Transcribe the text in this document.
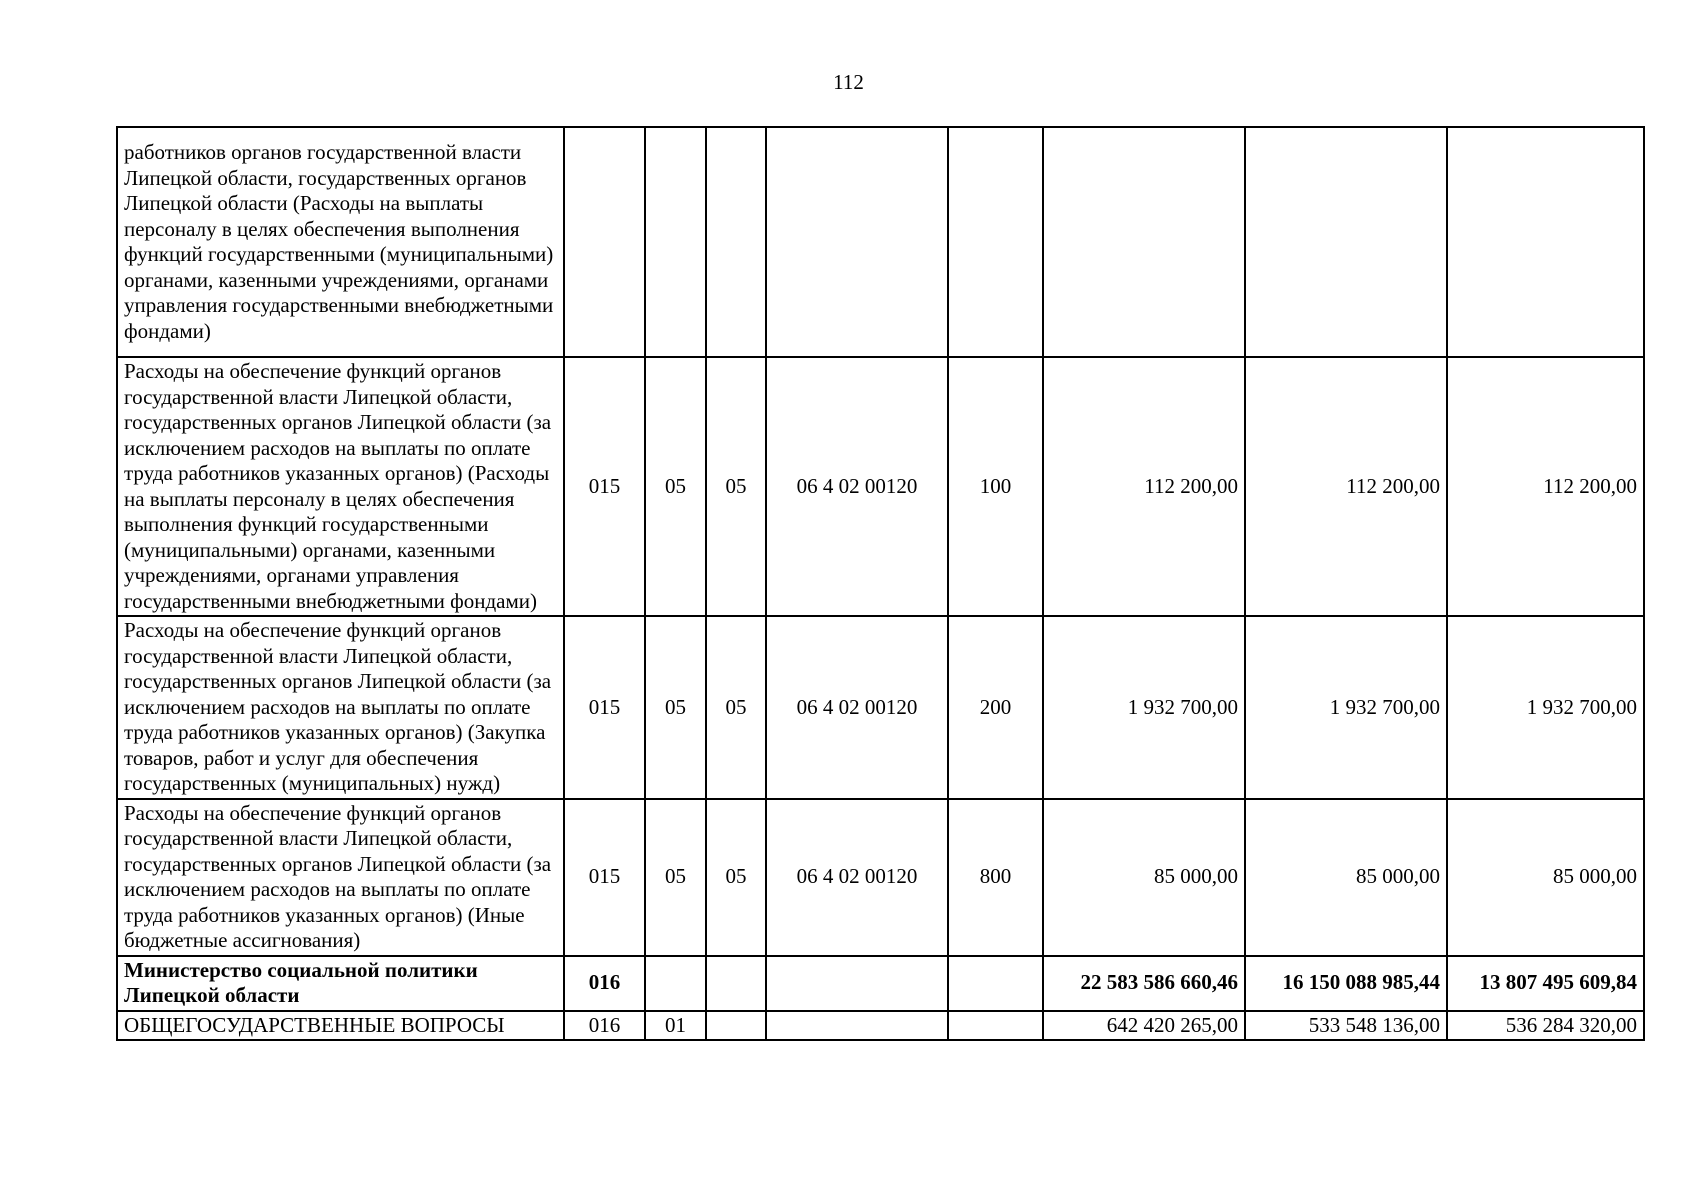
112
работников органов государственной власти Липецкой области, государственных органов Липецкой области (Расходы на выплаты персоналу в целях обеспечения выполнения функций государственными (муниципальными) органами, казенными учреждениями, органами управления государственными внебюджетными фондами)								
Расходы на обеспечение функций органов государственной власти Липецкой области, государственных органов Липецкой области (за исключением расходов на выплаты по оплате труда работников указанных органов) (Расходы на выплаты персоналу в целях обеспечения выполнения функций государственными (муниципальными) органами, казенными учреждениями, органами управления государственными внебюджетными фондами)	015	05	05	06 4 02 00120	100	112 200,00	112 200,00	112 200,00
Расходы на обеспечение функций органов государственной власти Липецкой области, государственных органов Липецкой области (за исключением расходов на выплаты по оплате труда работников указанных органов) (Закупка товаров, работ и услуг для обеспечения государственных (муниципальных) нужд)	015	05	05	06 4 02 00120	200	1 932 700,00	1 932 700,00	1 932 700,00
Расходы на обеспечение функций органов государственной власти Липецкой области, государственных органов Липецкой области (за исключением расходов на выплаты по оплате труда работников указанных органов) (Иные бюджетные ассигнования)	015	05	05	06 4 02 00120	800	85 000,00	85 000,00	85 000,00
Министерство социальной политики Липецкой области	016					22 583 586 660,46	16 150 088 985,44	13 807 495 609,84
ОБЩЕГОСУДАРСТВЕННЫЕ ВОПРОСЫ	016	01				642 420 265,00	533 548 136,00	536 284 320,00
